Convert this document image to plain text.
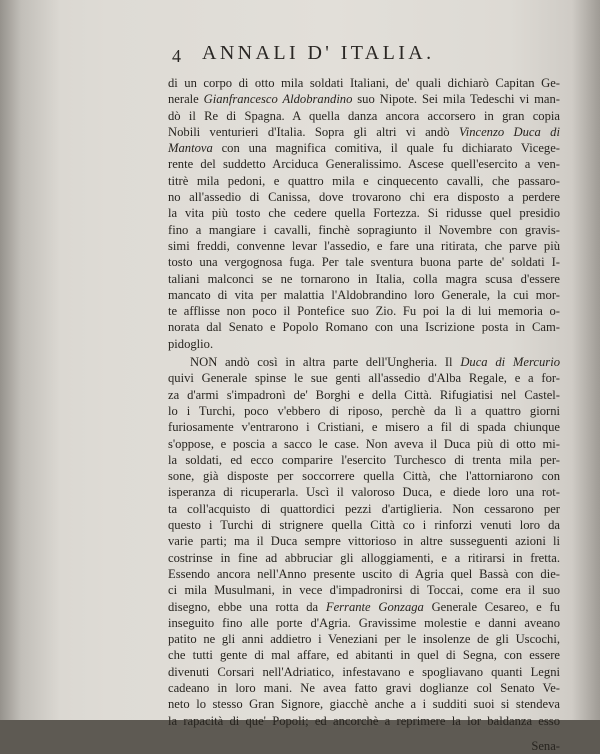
4 ANNALI D' ITALIA.
di un corpo di otto mila soldati Italiani, de' quali dichiarò Capitan Ge-
nerale Gianfrancesco Aldobrandino suo Nipote. Sei mila Tedeschi vi man-
dò il Re di Spagna. A quella danza ancora accorsero in gran copia
Nobili venturieri d'Italia. Sopra gli altri vi andò Vincenzo Duca di
Mantova con una magnifica comitiva, il quale fu dichiarato Vicege-
rente del suddetto Arciduca Generalissimo. Ascese quell'esercito a ven-
titrè mila pedoni, e quattro mila e cinquecento cavalli, che passaro-
no all'assedio di Canissa, dove trovarono chi era disposto a perdere
la vita più tosto che cedere quella Fortezza. Si ridusse quel presidio
fino a mangiare i cavalli, finchè sopragiunto il Novembre con gravis-
simi freddi, convenne levar l'assedio, e fare una ritirata, che parve più
tosto una vergognosa fuga. Per tale sventura buona parte de' soldati I-
taliani malconci se ne tornarono in Italia, colla magra scusa d'essere
mancato di vita per malattia l'Aldobrandino loro Generale, la cui mor-
te afflisse non poco il Pontefice suo Zio. Fu poi la di lui memoria o-
norata dal Senato e Popolo Romano con una Iscrizione posta in Cam-
pidoglio.
NON andò così in altra parte dell'Ungheria. Il Duca di Mercurio
quivi Generale spinse le sue genti all'assedio d'Alba Regale, e a for-
za d'armi s'impadronì de' Borghi e della Città. Rifugiatisi nel Castel-
lo i Turchi, poco v'ebbero di riposo, perchè da lì a quattro giorni
furiosamente v'entrarono i Cristiani, e misero a fil di spada chiunque
s'oppose, e poscia a sacco le case. Non aveva il Duca più di otto mi-
la soldati, ed ecco comparire l'esercito Turchesco di trenta mila per-
sone, già disposte per soccorrere quella Città, che l'attorniarono con
isperanza di ricuperarla. Uscì il valoroso Duca, e diede loro una rot-
ta coll'acquisto di quattordici pezzi d'artiglieria. Non cessarono per
questo i Turchi di strignere quella Città co i rinforzi venuti loro da
varie parti; ma il Duca sempre vittorioso in altre susseguenti azioni li
costrinse in fine ad abbruciar gli alloggiamenti, e a ritirarsi in fretta.
Essendo ancora nell'Anno presente uscito di Agria quel Bassà con die-
ci mila Musulmani, in vece d'impadronirsi di Toccai, come era il suo
disegno, ebbe una rotta da Ferrante Gonzaga Generale Cesareo, e fu
inseguito fino alle porte d'Agria. Gravissime molestie e danni aveano
patito ne gli anni addietro i Veneziani per le insolenze de gli Uscochi,
che tutti gente di mal affare, ed abitanti in quel di Segna, con essere
divenuti Corsari nell'Adriatico, infestavano e spogliavano quanti Legni
cadeano in loro mani. Ne avea fatto gravi doglianze col Senato Ve-
neto lo stesso Gran Signore, giacchè anche a i sudditi suoi si stendeva
la rapacità di que' Popoli; ed ancorchè a reprimere la lor baldanza esso
Sena-
